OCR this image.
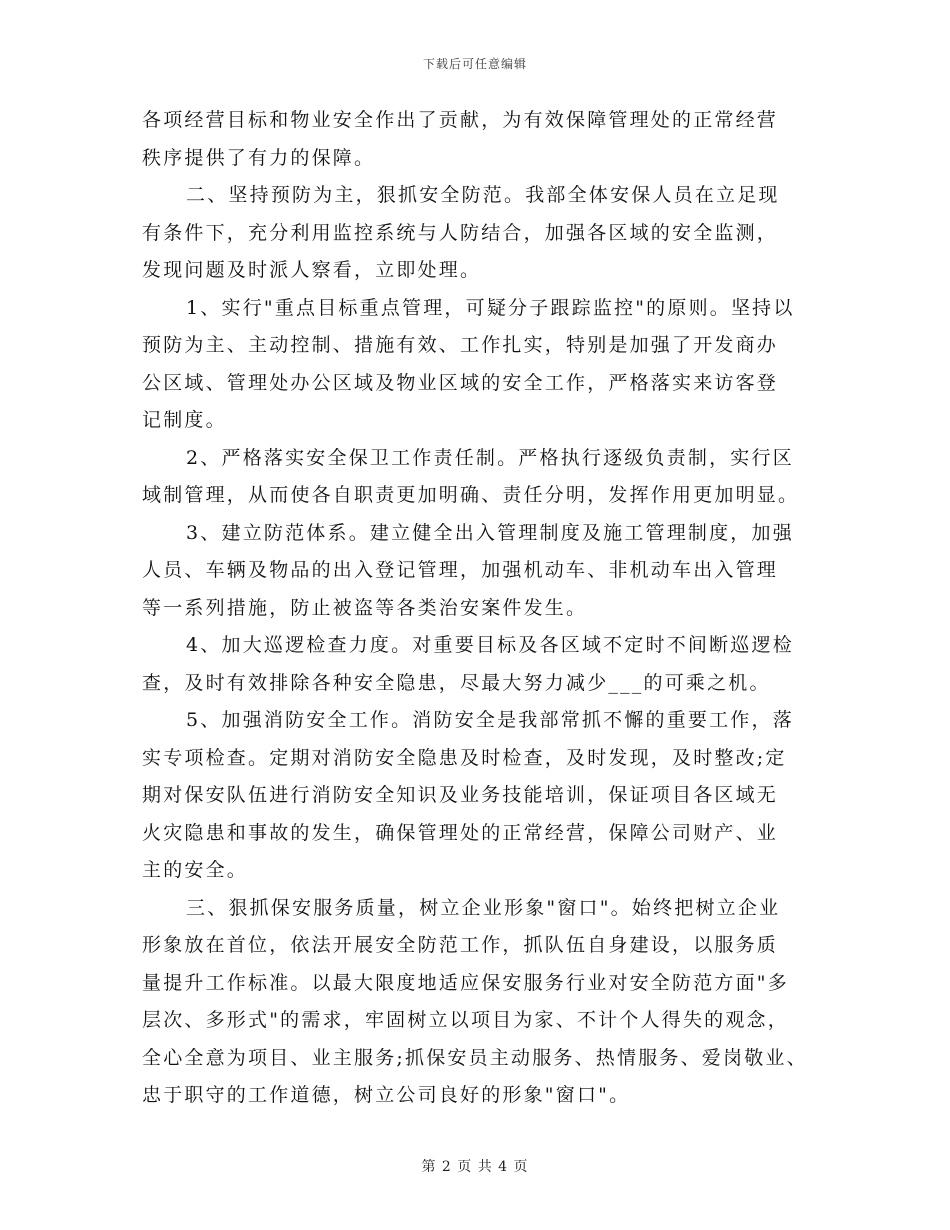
下载后可任意编辑
各项经营目标和物业安全作出了贡献，为有效保障管理处的正常经营
秩序提供了有力的保障。
二、坚持预防为主，狠抓安全防范。我部全体安保人员在立足现
有条件下，充分利用监控系统与人防结合，加强各区域的安全监测，
发现问题及时派人察看，立即处理。
1、实行"重点目标重点管理，可疑分子跟踪监控"的原则。坚持以
预防为主、主动控制、措施有效、工作扎实，特别是加强了开发商办
公区域、管理处办公区域及物业区域的安全工作，严格落实来访客登
记制度。
2、严格落实安全保卫工作责任制。严格执行逐级负责制，实行区
域制管理，从而使各自职责更加明确、责任分明，发挥作用更加明显。
3、建立防范体系。建立健全出入管理制度及施工管理制度，加强
人员、车辆及物品的出入登记管理，加强机动车、非机动车出入管理
等一系列措施，防止被盗等各类治安案件发生。
4、加大巡逻检查力度。对重要目标及各区域不定时不间断巡逻检
查，及时有效排除各种安全隐患，尽最大努力减少___的可乘之机。
5、加强消防安全工作。消防安全是我部常抓不懈的重要工作，落
实专项检查。定期对消防安全隐患及时检查，及时发现，及时整改;定
期对保安队伍进行消防安全知识及业务技能培训，保证项目各区域无
火灾隐患和事故的发生，确保管理处的正常经营，保障公司财产、业
主的安全。
三、狠抓保安服务质量，树立企业形象"窗口"。始终把树立企业
形象放在首位，依法开展安全防范工作，抓队伍自身建设，以服务质
量提升工作标准。以最大限度地适应保安服务行业对安全防范方面"多
层次、多形式"的需求，牢固树立以项目为家、不计个人得失的观念，
全心全意为项目、业主服务;抓保安员主动服务、热情服务、爱岗敬业、
忠于职守的工作道德，树立公司良好的形象"窗口"。
第 2 页 共 4 页
